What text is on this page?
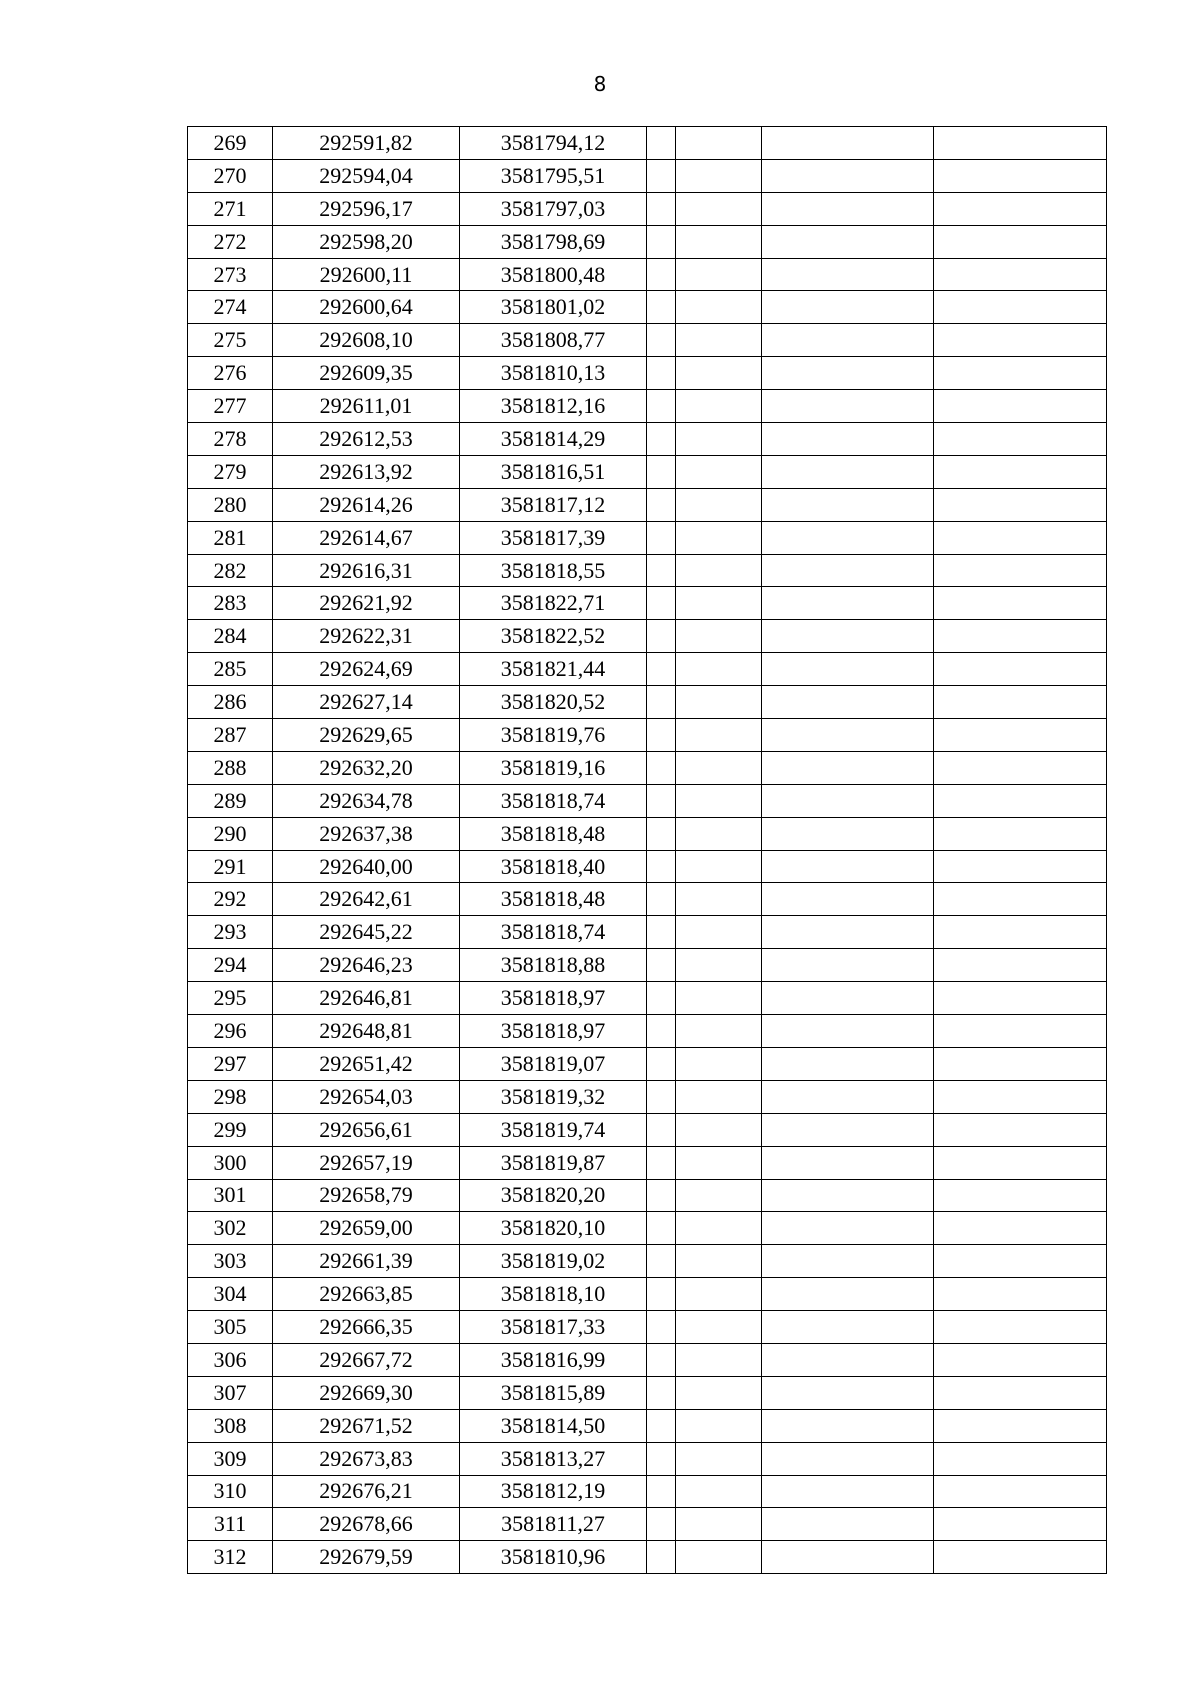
8
269	292591,82	3581794,12				
270	292594,04	3581795,51				
271	292596,17	3581797,03				
272	292598,20	3581798,69				
273	292600,11	3581800,48				
274	292600,64	3581801,02				
275	292608,10	3581808,77				
276	292609,35	3581810,13				
277	292611,01	3581812,16				
278	292612,53	3581814,29				
279	292613,92	3581816,51				
280	292614,26	3581817,12				
281	292614,67	3581817,39				
282	292616,31	3581818,55				
283	292621,92	3581822,71				
284	292622,31	3581822,52				
285	292624,69	3581821,44				
286	292627,14	3581820,52				
287	292629,65	3581819,76				
288	292632,20	3581819,16				
289	292634,78	3581818,74				
290	292637,38	3581818,48				
291	292640,00	3581818,40				
292	292642,61	3581818,48				
293	292645,22	3581818,74				
294	292646,23	3581818,88				
295	292646,81	3581818,97				
296	292648,81	3581818,97				
297	292651,42	3581819,07				
298	292654,03	3581819,32				
299	292656,61	3581819,74				
300	292657,19	3581819,87				
301	292658,79	3581820,20				
302	292659,00	3581820,10				
303	292661,39	3581819,02				
304	292663,85	3581818,10				
305	292666,35	3581817,33				
306	292667,72	3581816,99				
307	292669,30	3581815,89				
308	292671,52	3581814,50				
309	292673,83	3581813,27				
310	292676,21	3581812,19				
311	292678,66	3581811,27				
312	292679,59	3581810,96				
